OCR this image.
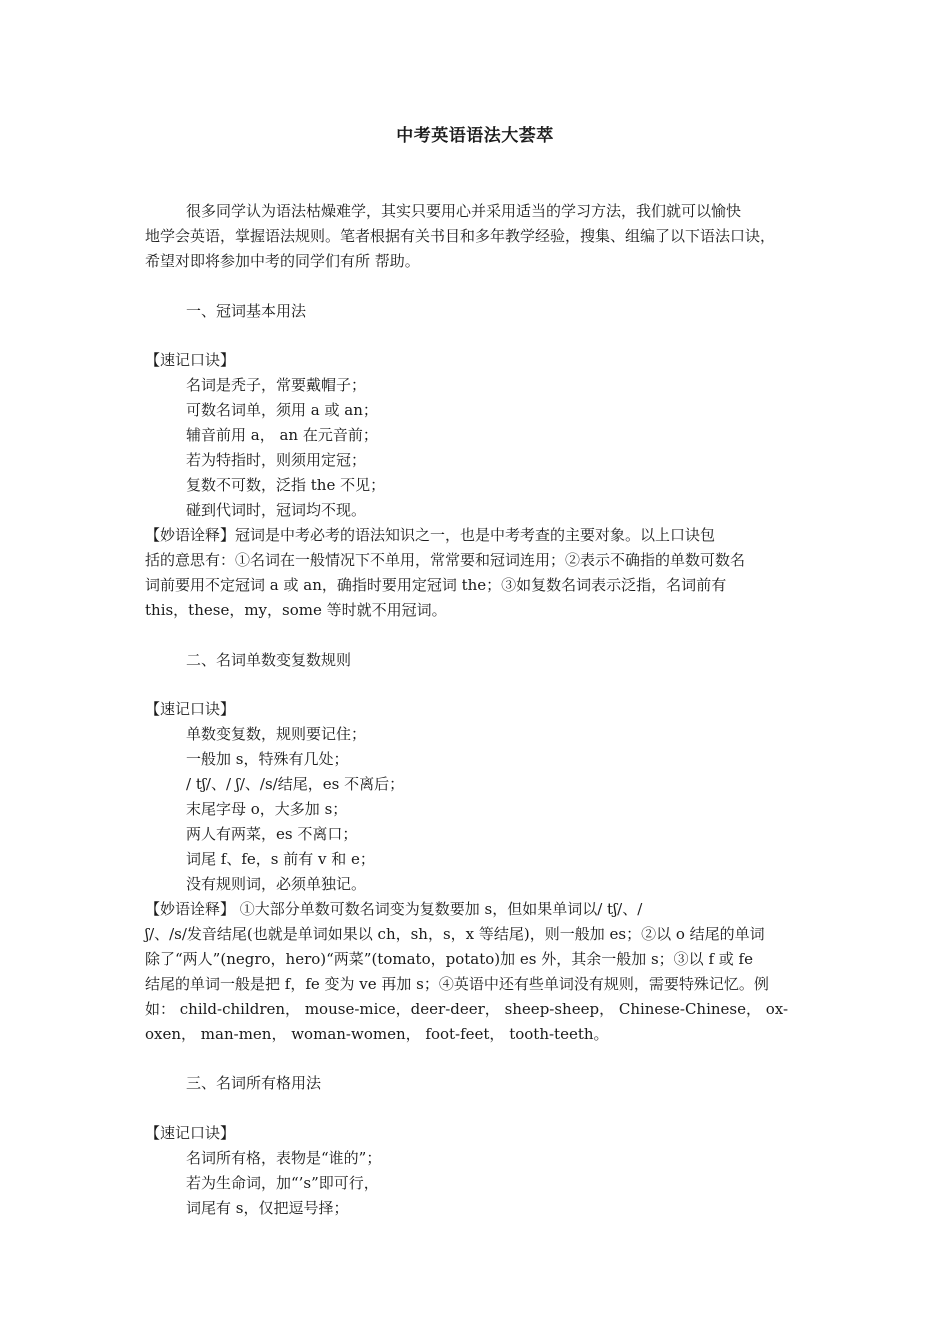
中考英语语法大荟萃
很多同学认为语法枯燥难学，其实只要用心并采用适当的学习方法，我们就可以愉快
地学会英语，掌握语法规则。笔者根据有关书目和多年教学经验，搜集、组编了以下语法口诀，
希望对即将参加中考的同学们有所 帮助。
一、冠词基本用法
【速记口诀】
名词是秃子，常要戴帽子；
可数名词单，须用 a 或 an；
辅音前用 a， an 在元音前；
若为特指时，则须用定冠；
复数不可数，泛指 the 不见；
碰到代词时，冠词均不现。
【妙语诠释】冠词是中考必考的语法知识之一，也是中考考查的主要对象。以上口诀包
括的意思有：①名词在一般情况下不单用，常常要和冠词连用；②表示不确指的单数可数名
词前要用不定冠词 a 或 an，确指时要用定冠词 the；③如复数名词表示泛指，名词前有
this，these，my，some 等时就不用冠词。
二、名词单数变复数规则
【速记口诀】
单数变复数，规则要记住；
一般加 s，特殊有几处；
/ tʃ/、/ ʃ/、/s/结尾，es 不离后；
末尾字母 o，大多加 s；
两人有两菜，es 不离口；
词尾 f、fe，s 前有 v 和 e；
没有规则词，必须单独记。
【妙语诠释】 ①大部分单数可数名词变为复数要加 s，但如果单词以/ tʃ/、/
ʃ/、/s/发音结尾(也就是单词如果以 ch，sh，s，x 等结尾)，则一般加 es；②以 o 结尾的单词
除了“两人”(negro，hero)“两菜”(tomato，potato)加 es 外，其余一般加 s；③以 f 或 fe
结尾的单词一般是把 f，fe 变为 ve 再加 s；④英语中还有些单词没有规则，需要特殊记忆。例
如： child-children， mouse-mice，deer-deer， sheep-sheep， Chinese-Chinese， ox-
oxen， man-men， woman-women， foot-feet， tooth-teeth。
三、名词所有格用法
【速记口诀】
名词所有格，表物是“谁的”；
若为生命词，加“’s”即可行，
词尾有 s，仅把逗号择；
